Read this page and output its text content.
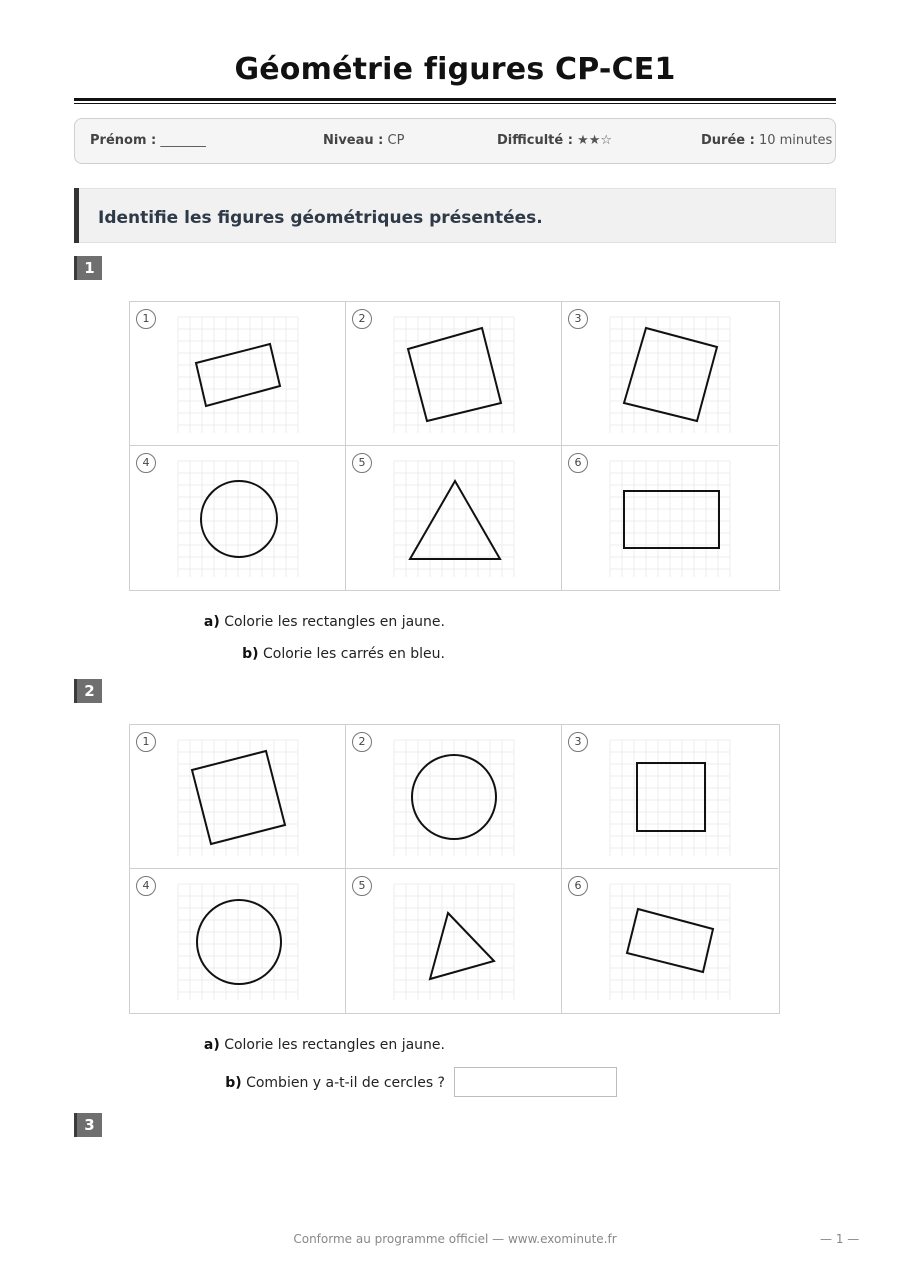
Géométrie figures CP-CE1
Prénom : _______	Niveau : CP	Difficulté : ★★☆	Durée : 10 minutes
Identifie les figures géométriques présentées.
1
1	2	3
4	5	6
a) Colorie les rectangles en jaune.
b) Colorie les carrés en bleu.
2
1	2	3
4	5	6
a) Colorie les rectangles en jaune.
b) Combien y a-t-il de cercles ?
3
Conforme au programme officiel — www.exominute.fr	— 1 —
